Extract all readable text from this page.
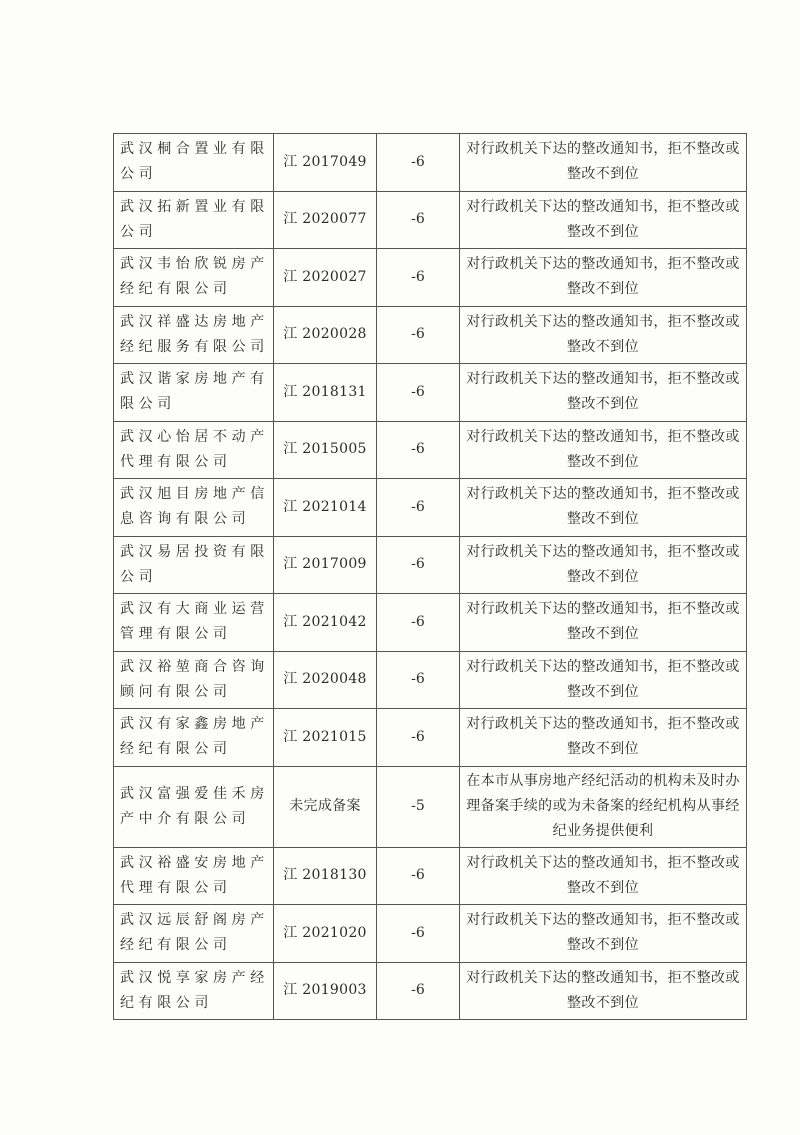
武汉桐合置业有限公司	江 2017049	-6	对行政机关下达的整改通知书，拒不整改或整改不到位
武汉拓新置业有限公司	江 2020077	-6	对行政机关下达的整改通知书，拒不整改或整改不到位
武汉韦怡欣锐房产经纪有限公司	江 2020027	-6	对行政机关下达的整改通知书，拒不整改或整改不到位
武汉祥盛达房地产经纪服务有限公司	江 2020028	-6	对行政机关下达的整改通知书，拒不整改或整改不到位
武汉谐家房地产有限公司	江 2018131	-6	对行政机关下达的整改通知书，拒不整改或整改不到位
武汉心怡居不动产代理有限公司	江 2015005	-6	对行政机关下达的整改通知书，拒不整改或整改不到位
武汉旭目房地产信息咨询有限公司	江 2021014	-6	对行政机关下达的整改通知书，拒不整改或整改不到位
武汉易居投资有限公司	江 2017009	-6	对行政机关下达的整改通知书，拒不整改或整改不到位
武汉有大商业运营管理有限公司	江 2021042	-6	对行政机关下达的整改通知书，拒不整改或整改不到位
武汉裕堃商合咨询顾问有限公司	江 2020048	-6	对行政机关下达的整改通知书，拒不整改或整改不到位
武汉有家鑫房地产经纪有限公司	江 2021015	-6	对行政机关下达的整改通知书，拒不整改或整改不到位
武汉富强爱佳禾房产中介有限公司	未完成备案	-5	在本市从事房地产经纪活动的机构未及时办理备案手续的或为未备案的经纪机构从事经纪业务提供便利
武汉裕盛安房地产代理有限公司	江 2018130	-6	对行政机关下达的整改通知书，拒不整改或整改不到位
武汉远辰舒阁房产经纪有限公司	江 2021020	-6	对行政机关下达的整改通知书，拒不整改或整改不到位
武汉悦享家房产经纪有限公司	江 2019003	-6	对行政机关下达的整改通知书，拒不整改或整改不到位
